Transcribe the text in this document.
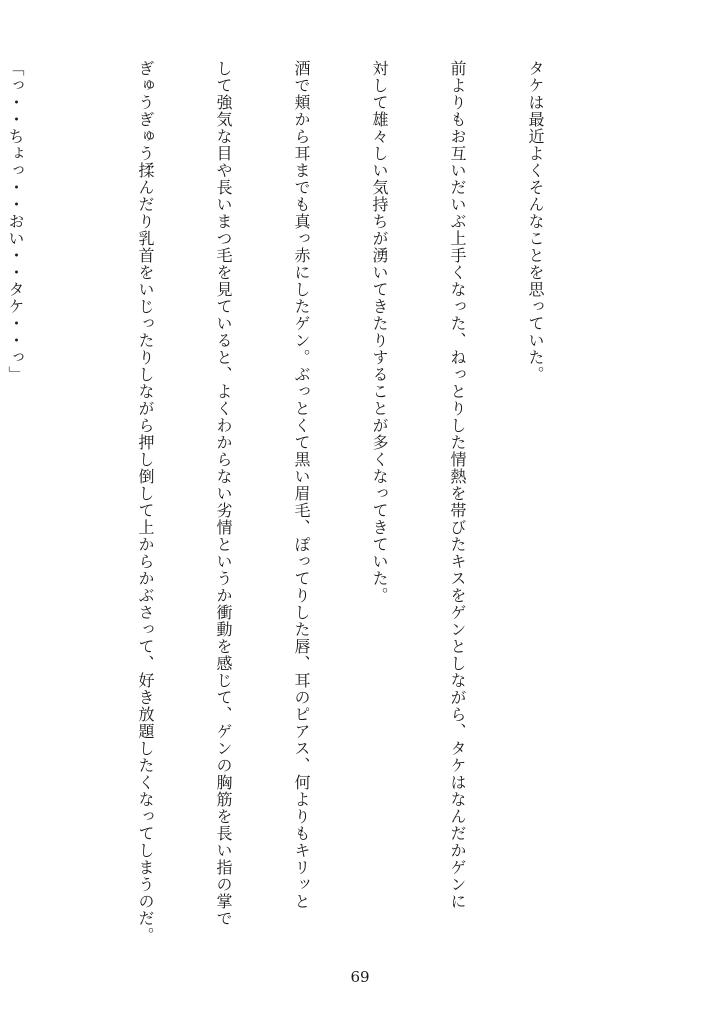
タケは最近よくそんなことを思っていた。

前よりもお互いだいぶ上手くなった、ねっとりした情熱を帯びたキスをゲンとしながら、タケはなんだかゲンに

対して雄々しい気持ちが湧いてきたりすることが多くなってきていた。

酒で頬から耳までも真っ赤にしたゲン。ぶっとくて黒い眉毛、ぽってりした唇、耳のピアス、何よりもキリッと

して強気な目や長いまつ毛を見ていると、よくわからない劣情というか衝動を感じて、ゲンの胸筋を長い指の掌で

ぎゅうぎゅう揉んだり乳首をいじったりしながら押し倒して上からかぶさって、好き放題したくなってしまうのだ。

「っ・・ちょっ・・おい・・タケ・・っ」

69
